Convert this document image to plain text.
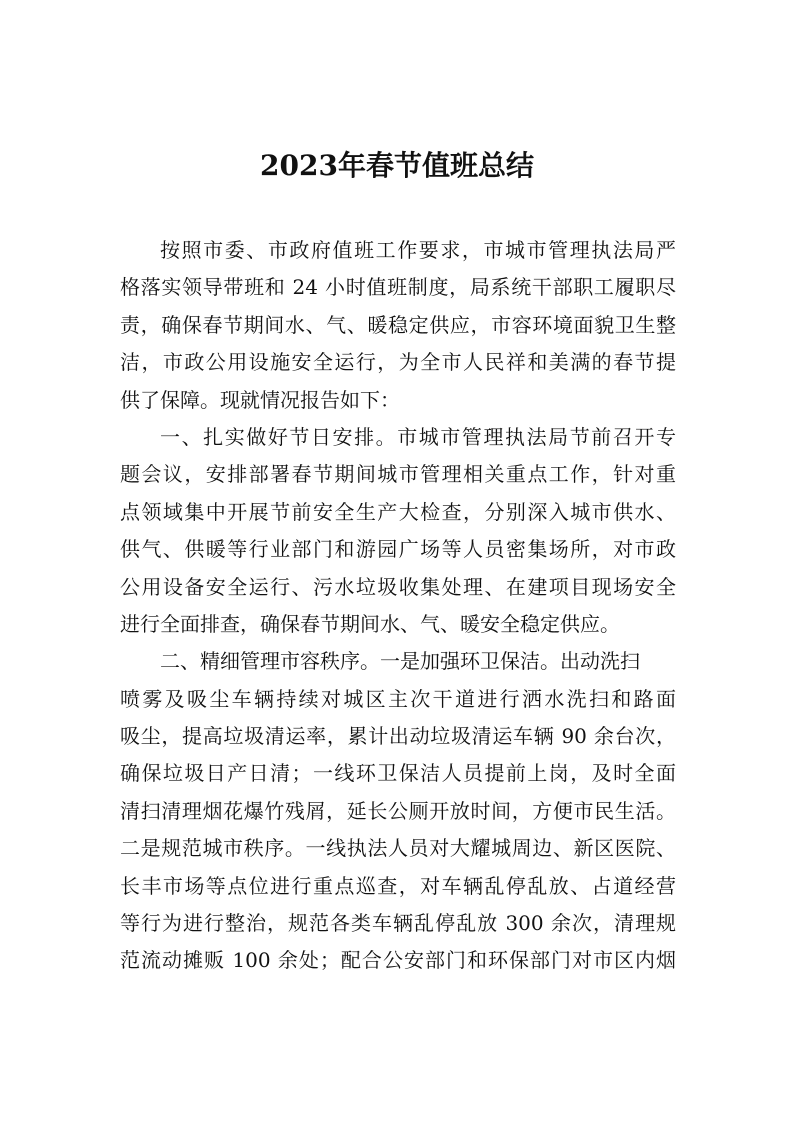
2023年春节值班总结
按照市委、市政府值班工作要求，市城市管理执法局严
格落实领导带班和 24 小时值班制度，局系统干部职工履职尽
责，确保春节期间水、气、暖稳定供应，市容环境面貌卫生整
洁，市政公用设施安全运行，为全市人民祥和美满的春节提
供了保障。现就情况报告如下：
一、扎实做好节日安排。市城市管理执法局节前召开专
题会议，安排部署春节期间城市管理相关重点工作，针对重
点领域集中开展节前安全生产大检查，分别深入城市供水、
供气、供暖等行业部门和游园广场等人员密集场所，对市政
公用设备安全运行、污水垃圾收集处理、在建项目现场安全
进行全面排查，确保春节期间水、气、暖安全稳定供应。
二、精细管理市容秩序。一是加强环卫保洁。出动洗扫
喷雾及吸尘车辆持续对城区主次干道进行洒水洗扫和路面
吸尘，提高垃圾清运率，累计出动垃圾清运车辆 90 余台次，
确保垃圾日产日清；一线环卫保洁人员提前上岗，及时全面
清扫清理烟花爆竹残屑，延长公厕开放时间，方便市民生活。
二是规范城市秩序。一线执法人员对大耀城周边、新区医院、
长丰市场等点位进行重点巡查，对车辆乱停乱放、占道经营
等行为进行整治，规范各类车辆乱停乱放 300 余次，清理规
范流动摊贩 100 余处；配合公安部门和环保部门对市区内烟
